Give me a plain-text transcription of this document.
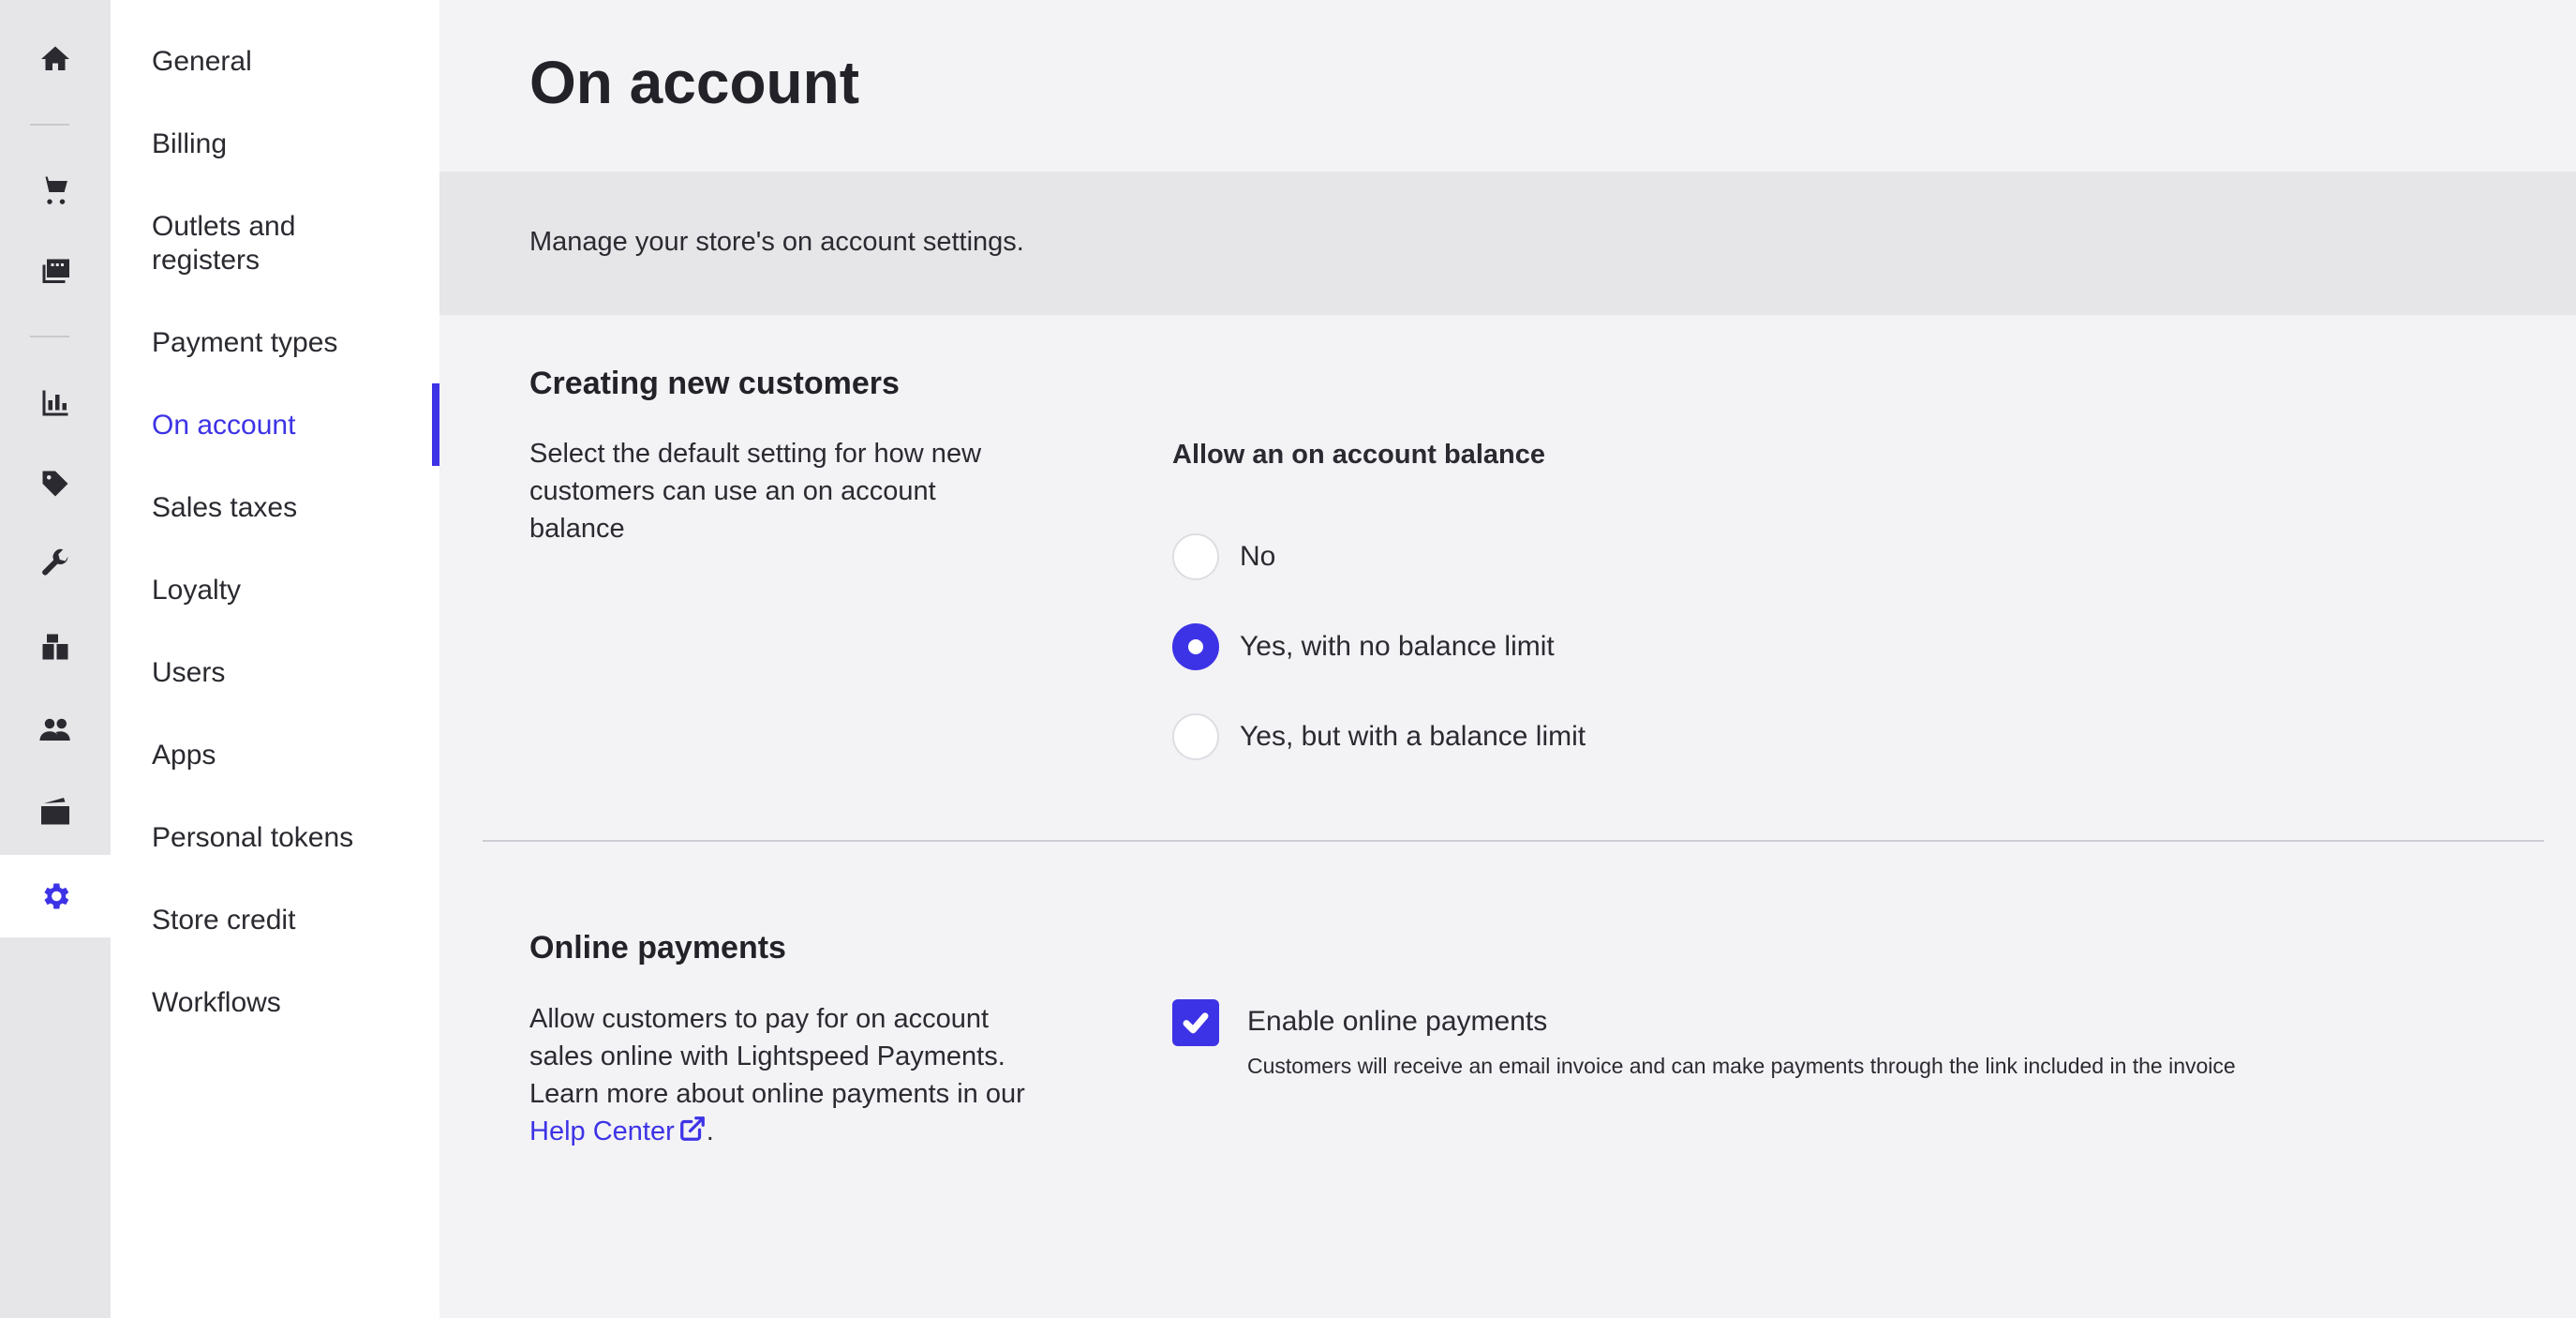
General
Billing
Outlets and registers
Payment types
On account
Sales taxes
Loyalty
Users
Apps
Personal tokens
Store credit
Workflows
On account
Manage your store's on account settings.
Creating new customers

Select the default setting for how new customers can use an on account balance

Allow an on account balance
No
Yes, with no balance limit
Yes, but with a balance limit
Online payments

Allow customers to pay for on account sales online with Lightspeed Payments. Learn more about online payments in our Help Center .

Enable online payments
Customers will receive an email invoice and can make payments through the link included in the invoice
